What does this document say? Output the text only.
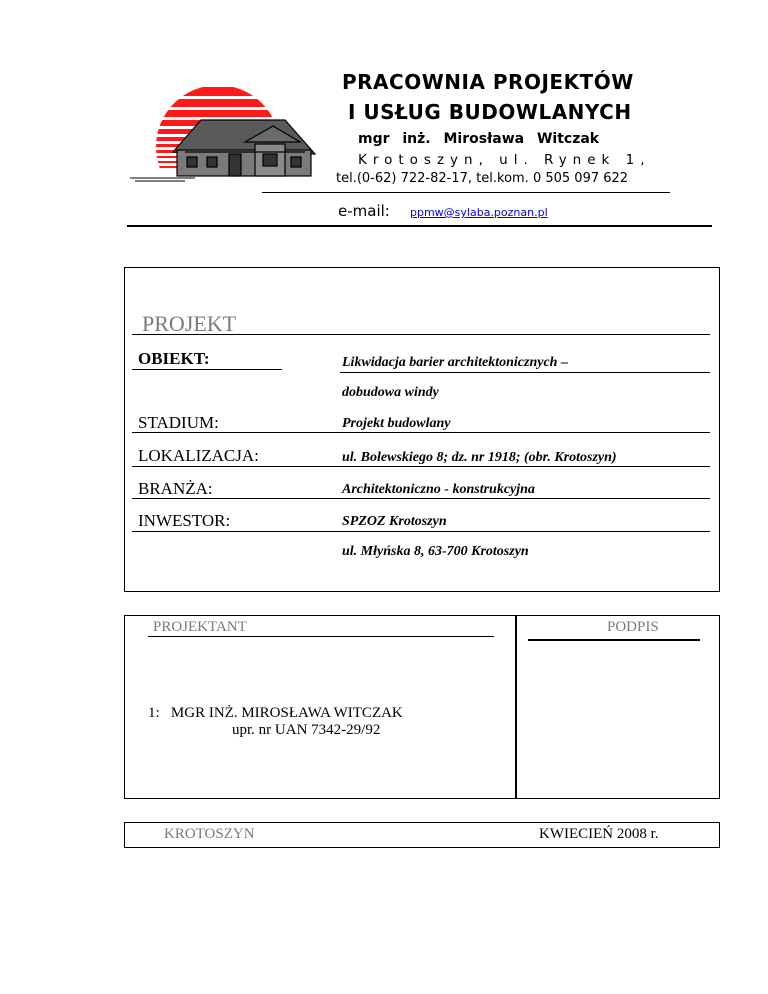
PRACOWNIA PROJEKTÓW
I USŁUG BUDOWLANYCH
mgr inż. Mirosława Witczak
Krotoszyn, ul. Rynek 1,
tel.(0-62) 722-82-17, tel.kom. 0 505 097 622
e-mail: ppmw@sylaba.poznan.pl
PROJEKT
OBIEKT:	Likwidacja barier architektonicznych –
dobudowa windy
STADIUM:	Projekt budowlany
LOKALIZACJA:	ul. Bolewskiego 8; dz. nr 1918; (obr. Krotoszyn)
BRANŻA:	Architektoniczno - konstrukcyjna
INWESTOR:	SPZOZ Krotoszyn
ul. Młyńska 8, 63-700 Krotoszyn
PROJEKTANT	PODPIS
1:   MGR INŻ. MIROSŁAWA WITCZAK
upr. nr UAN 7342-29/92
KROTOSZYN	KWIECIEŃ 2008 r.
